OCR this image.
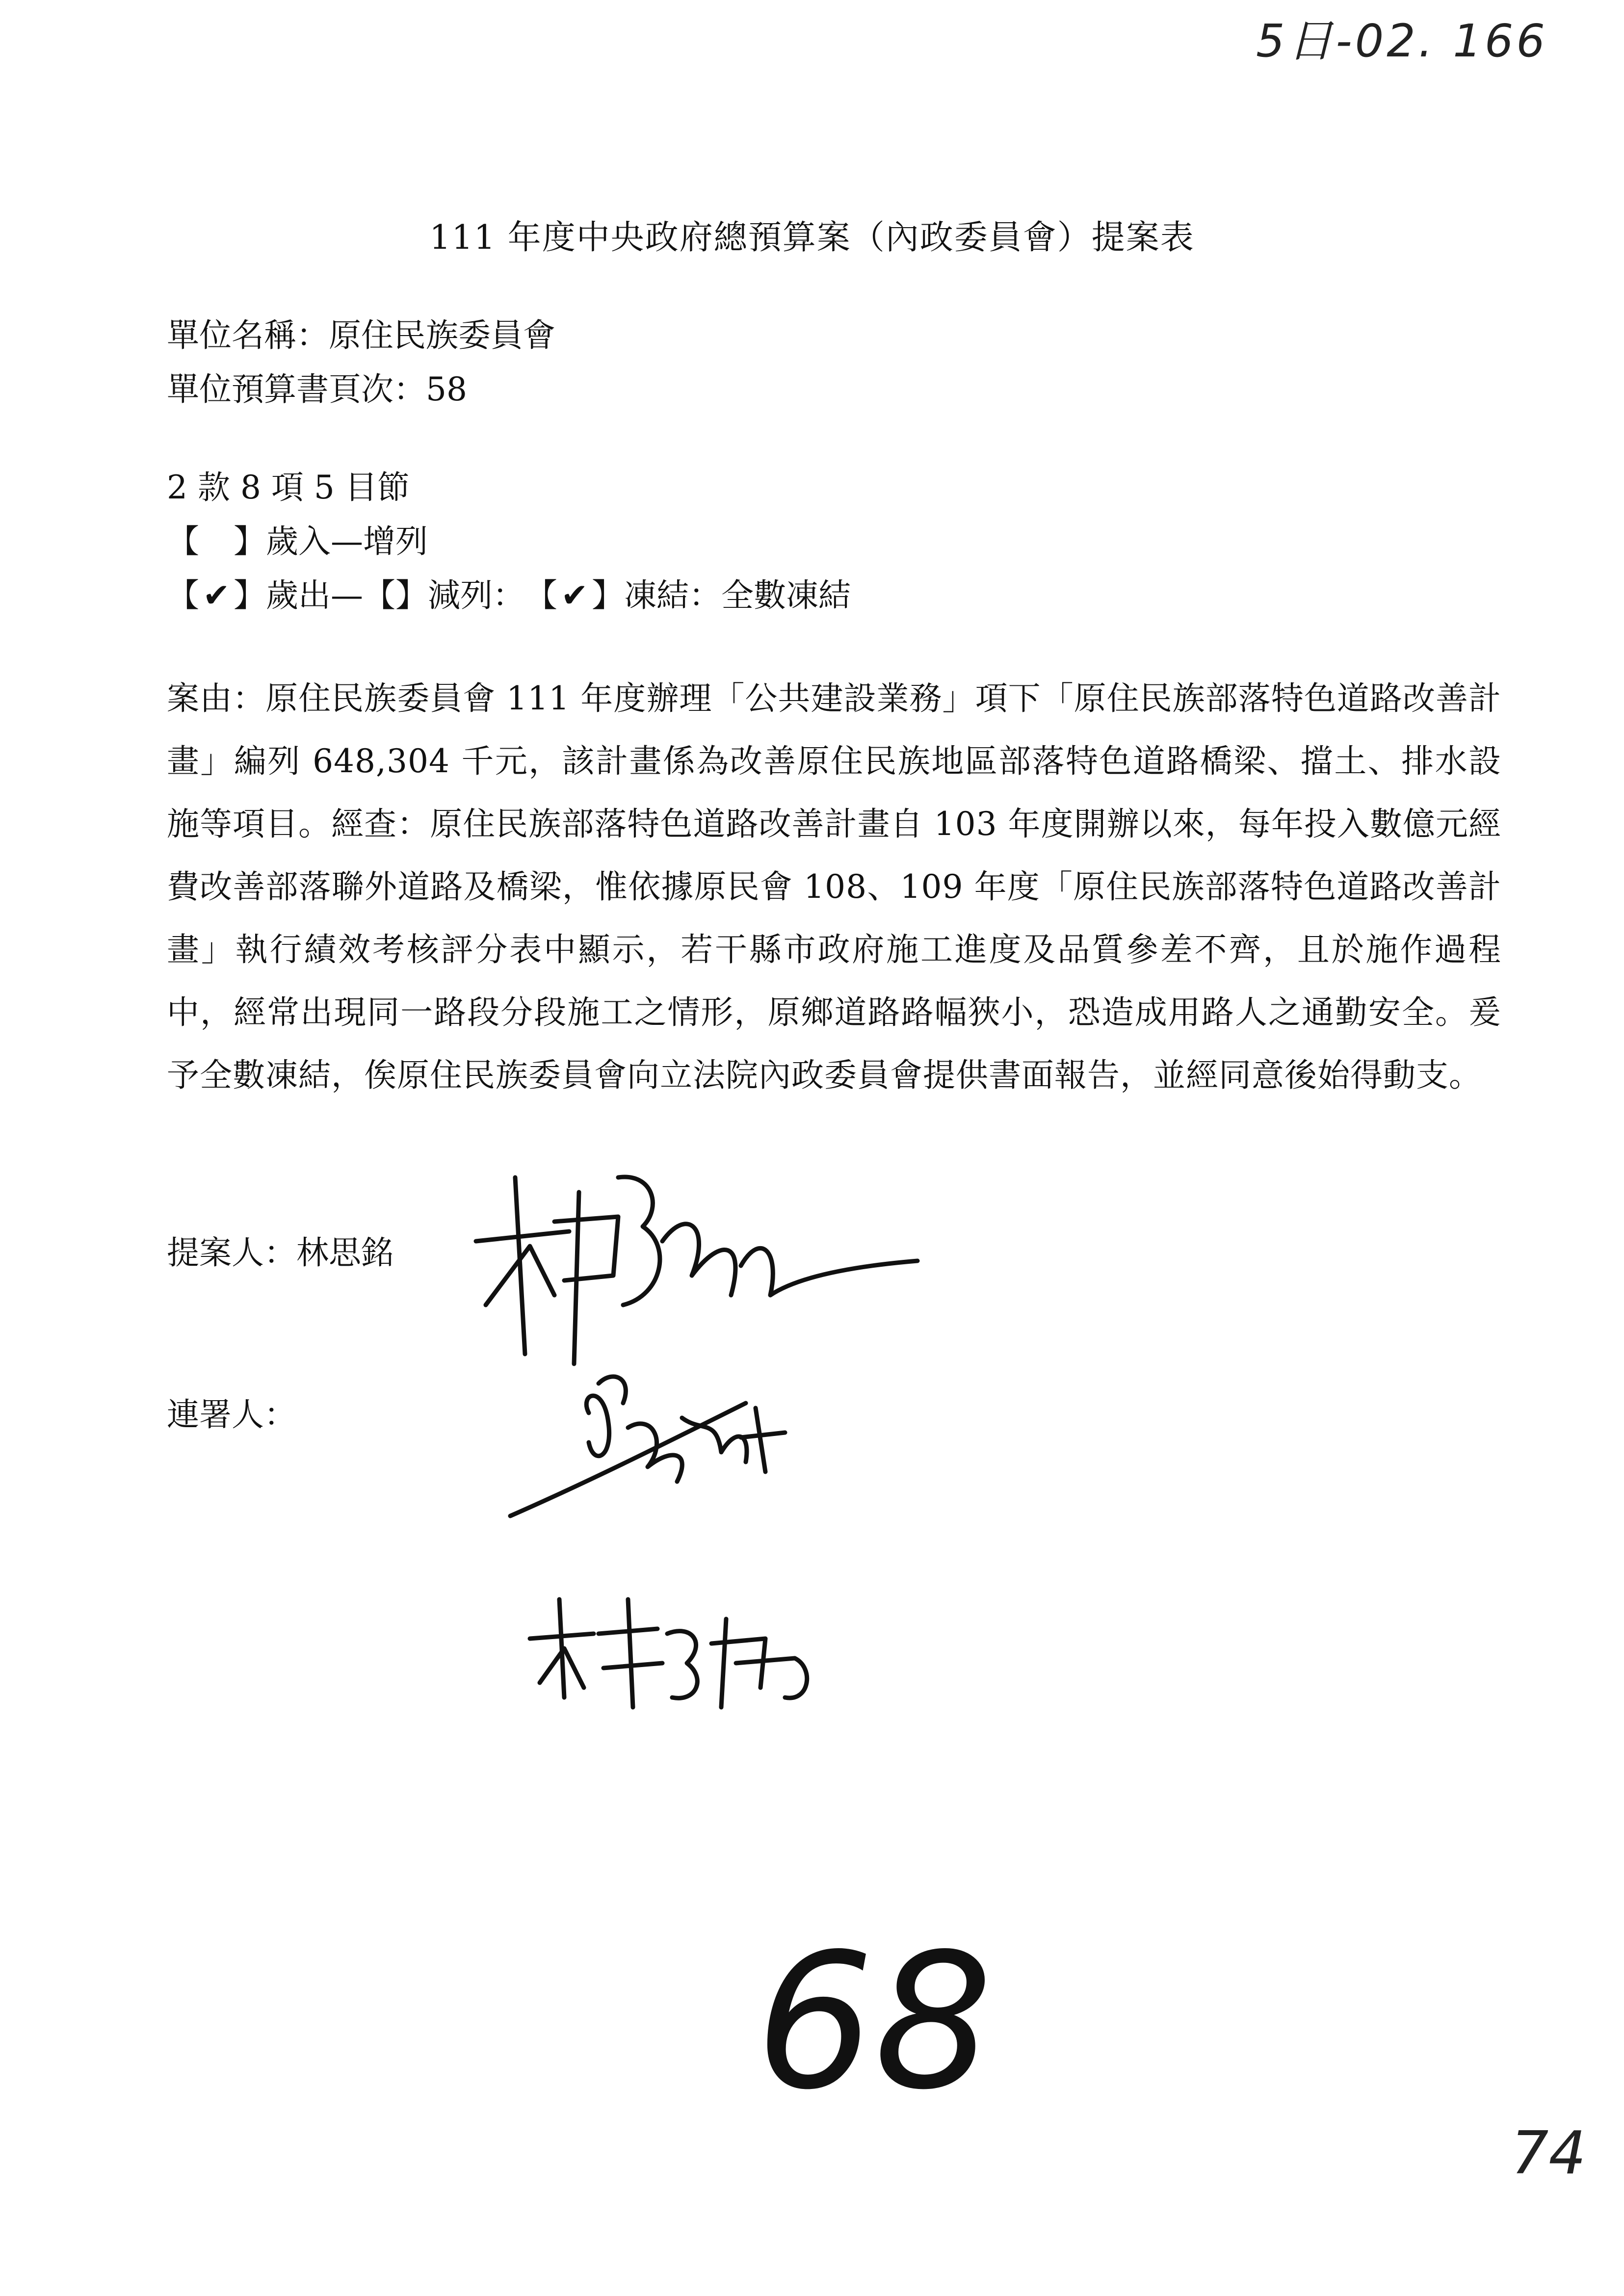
5日-02. 166
111 年度中央政府總預算案（內政委員會）提案表
單位名稱：原住民族委員會
單位預算書頁次：58
2 款 8 項 5 目節
【 】歲入—增列
【 ✔ 】歲出—【】減列：【 ✔ 】凍結：全數凍結
案由：原住民族委員會 111 年度辦理「公共建設業務」項下「原住民族部落特色道路改善計畫」編列 648,304 千元，該計畫係為改善原住民族地區部落特色道路橋梁、擋土、排水設施等項目。經查：原住民族部落特色道路改善計畫自 103 年度開辦以來，每年投入數億元經費改善部落聯外道路及橋梁，惟依據原民會 108、109 年度「原住民族部落特色道路改善計畫」執行績效考核評分表中顯示，若干縣市政府施工進度及品質參差不齊，且於施作過程中，經常出現同一路段分段施工之情形，原鄉道路路幅狹小，恐造成用路人之通勤安全。爰予全數凍結，俟原住民族委員會向立法院內政委員會提供書面報告，並經同意後始得動支。
提案人：林思銘
連署人：
68
74
